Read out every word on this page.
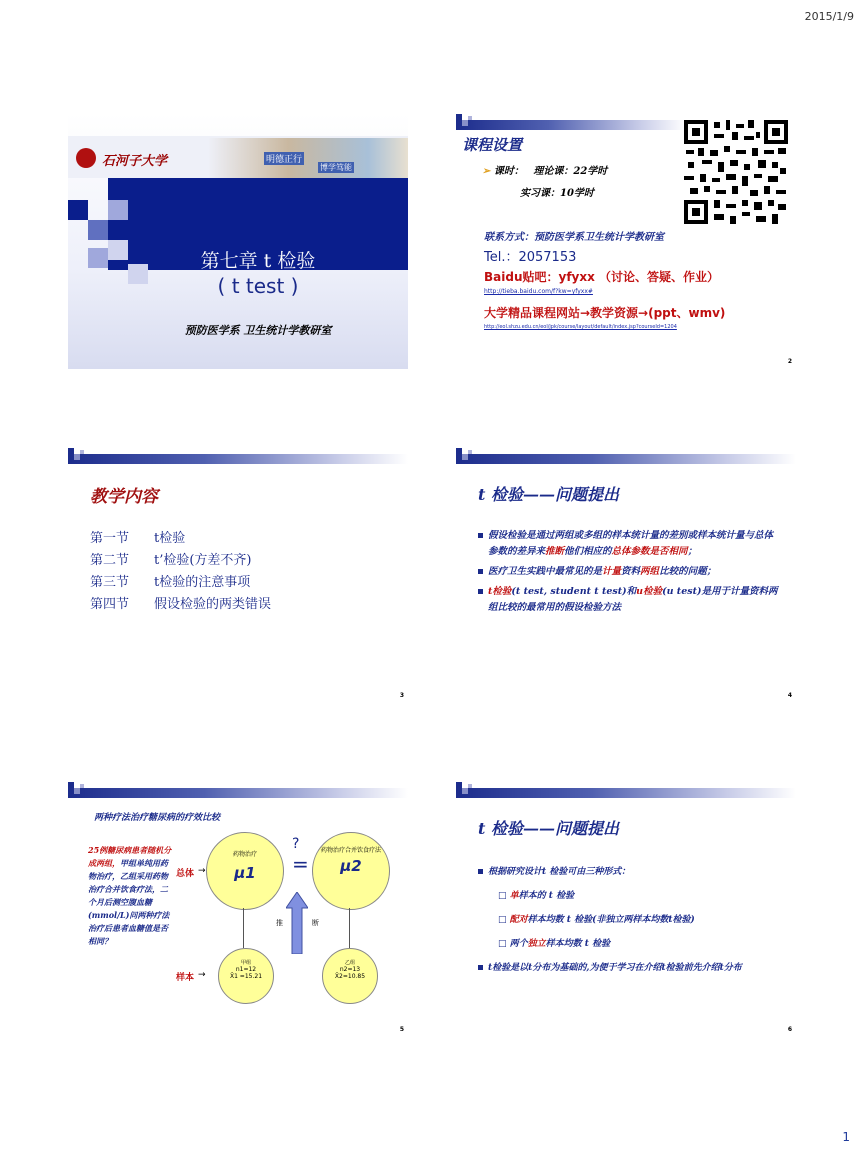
2015/1/9
石河子大学	明德正行
博学笃能
第七章 t 检验
( t test )
预防医学系 卫生统计学教研室
课程设置
➢ 课时： 理论课：22学时
实习课：10学时
联系方式：预防医学系卫生统计学教研室
Tel.：2057153
Baidu贴吧：yfyxx （讨论、答疑、作业）
http://tieba.baidu.com/f?kw=yfyxx#
大学精品课程网站→教学资源→(ppt、wmv)
http://eol.shzu.edu.cn/eol/jpk/course/layout/default/index.jsp?courseId=1204
2
教学内容
第一节 t检验
第二节 t’检验(方差不齐)
第三节 t检验的注意事项
第四节 假设检验的两类错误
3
t 检验——问题提出
假设检验是通过两组或多组的样本统计量的差别或样本统计量与总体参数的差异来推断他们相应的总体参数是否相同；
医疗卫生实践中最常见的是计量资料两组比较的问题；
t检验(t test, student t test)和u检验(u test)是用于计量资料两组比较的最常用的假设检验方法
4
两种疗法治疗糖尿病的疗效比较
25例糖尿病患者随机分成两组，甲组单纯用药物治疗，乙组采用药物治疗合并饮食疗法，二个月后测空腹血糖(mmol/L)问两种疗法治疗后患者血糖值是否相同？
总体 →
样本 →
药物治疗
μ1
药物治疗合并饮食疗法
μ2
?
=
推	断
甲组
n1=12
X̄1 =15.21
乙组
n2=13
X̄2=10.85
5
t 检验——问题提出
根据研究设计t 检验可由三种形式：
□ 单样本的 t 检验
□ 配对样本均数 t 检验(非独立两样本均数t检验)
□ 两个独立样本均数 t 检验
t检验是以t分布为基础的,为便于学习在介绍t检验前先介绍t分布
6
1
